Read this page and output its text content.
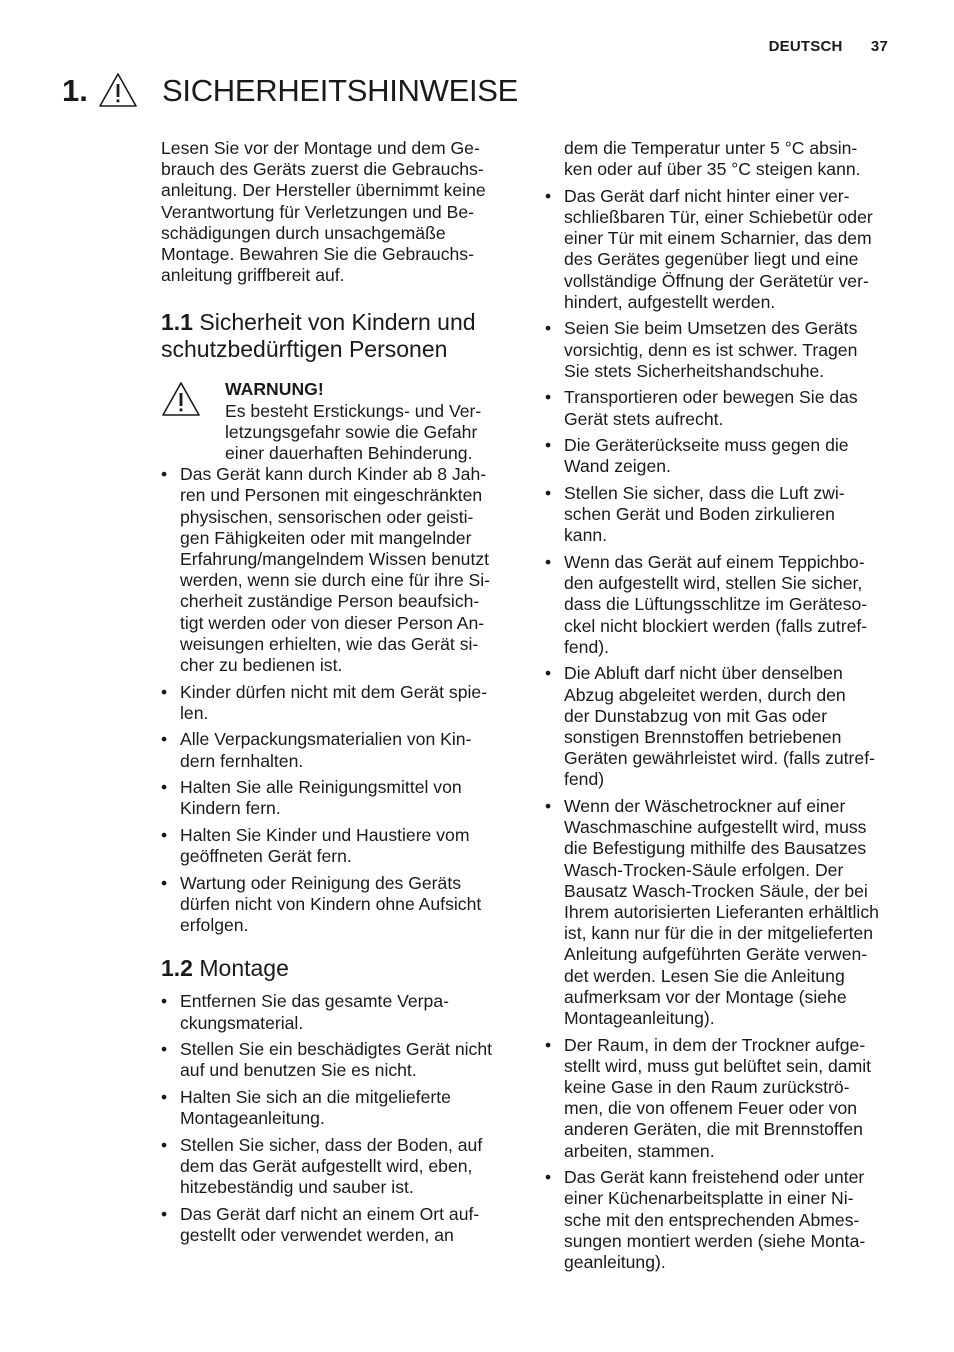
DEUTSCH 37
1.	SICHERHEITSHINWEISE

Lesen Sie vor der Montage und dem Ge-
brauch des Geräts zuerst die Gebrauchs-
anleitung. Der Hersteller übernimmt keine
Verantwortung für Verletzungen und Be-
schädigungen durch unsachgemäße
Montage. Bewahren Sie die Gebrauchs-
anleitung griffbereit auf.

1.1 Sicherheit von Kindern und
schutzbedürftigen Personen
WARNUNG!
Es besteht Erstickungs- und Ver-
letzungsgefahr sowie die Gefahr
einer dauerhaften Behinderung.
• Das Gerät kann durch Kinder ab 8 Jah-
ren und Personen mit eingeschränkten
physischen, sensorischen oder geisti-
gen Fähigkeiten oder mit mangelnder
Erfahrung/mangelndem Wissen benutzt
werden, wenn sie durch eine für ihre Si-
cherheit zuständige Person beaufsich-
tigt werden oder von dieser Person An-
weisungen erhielten, wie das Gerät si-
cher zu bedienen ist.
• Kinder dürfen nicht mit dem Gerät spie-
len.
• Alle Verpackungsmaterialien von Kin-
dern fernhalten.
• Halten Sie alle Reinigungsmittel von
Kindern fern.
• Halten Sie Kinder und Haustiere vom
geöffneten Gerät fern.
• Wartung oder Reinigung des Geräts
dürfen nicht von Kindern ohne Aufsicht
erfolgen.
1.2 Montage
• Entfernen Sie das gesamte Verpa-
ckungsmaterial.
• Stellen Sie ein beschädigtes Gerät nicht
auf und benutzen Sie es nicht.
• Halten Sie sich an die mitgelieferte
Montageanleitung.
• Stellen Sie sicher, dass der Boden, auf
dem das Gerät aufgestellt wird, eben,
hitzebeständig und sauber ist.
• Das Gerät darf nicht an einem Ort auf-
gestellt oder verwendet werden, an
dem die Temperatur unter 5 °C absin-
ken oder auf über 35 °C steigen kann.
• Das Gerät darf nicht hinter einer ver-
schließbaren Tür, einer Schiebetür oder
einer Tür mit einem Scharnier, das dem
des Gerätes gegenüber liegt und eine
vollständige Öffnung der Gerätetür ver-
hindert, aufgestellt werden.
• Seien Sie beim Umsetzen des Geräts
vorsichtig, denn es ist schwer. Tragen
Sie stets Sicherheitshandschuhe.
• Transportieren oder bewegen Sie das
Gerät stets aufrecht.
• Die Geräterückseite muss gegen die
Wand zeigen.
• Stellen Sie sicher, dass die Luft zwi-
schen Gerät und Boden zirkulieren
kann.
• Wenn das Gerät auf einem Teppichbo-
den aufgestellt wird, stellen Sie sicher,
dass die Lüftungsschlitze im Geräteso-
ckel nicht blockiert werden (falls zutref-
fend).
• Die Abluft darf nicht über denselben
Abzug abgeleitet werden, durch den
der Dunstabzug von mit Gas oder
sonstigen Brennstoffen betriebenen
Geräten gewährleistet wird. (falls zutref-
fend)
• Wenn der Wäschetrockner auf einer
Waschmaschine aufgestellt wird, muss
die Befestigung mithilfe des Bausatzes
Wasch-Trocken-Säule erfolgen. Der
Bausatz Wasch-Trocken Säule, der bei
Ihrem autorisierten Lieferanten erhältlich
ist, kann nur für die in der mitgelieferten
Anleitung aufgeführten Geräte verwen-
det werden. Lesen Sie die Anleitung
aufmerksam vor der Montage (siehe
Montageanleitung).
• Der Raum, in dem der Trockner aufge-
stellt wird, muss gut belüftet sein, damit
keine Gase in den Raum zurückströ-
men, die von offenem Feuer oder von
anderen Geräten, die mit Brennstoffen
arbeiten, stammen.
• Das Gerät kann freistehend oder unter
einer Küchenarbeitsplatte in einer Ni-
sche mit den entsprechenden Abmes-
sungen montiert werden (siehe Monta-
geanleitung).
